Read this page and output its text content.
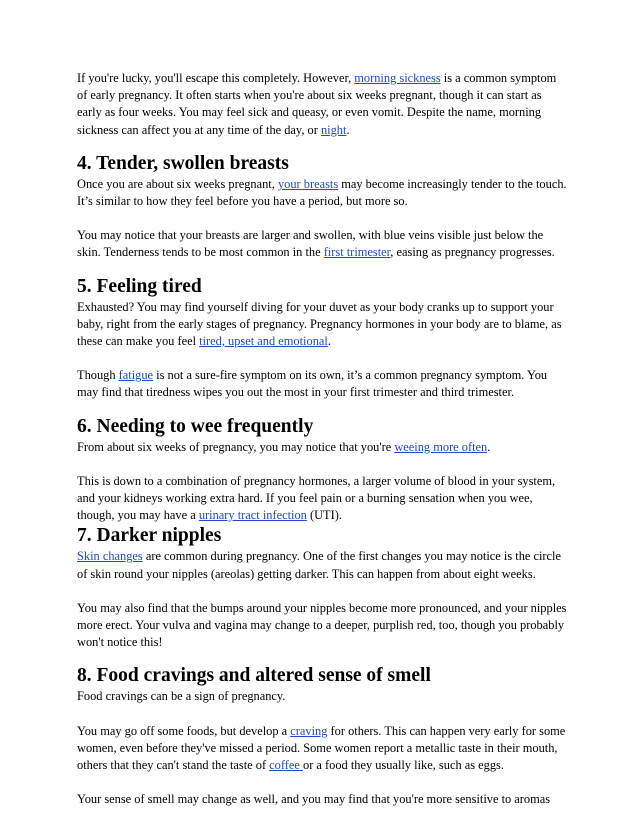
If you're lucky, you'll escape this completely. However, morning sickness is a common symptom of early pregnancy. It often starts when you're about six weeks pregnant, though it can start as early as four weeks. You may feel sick and queasy, or even vomit. Despite the name, morning sickness can affect you at any time of the day, or night.

4. Tender, swollen breasts

Once you are about six weeks pregnant, your breasts may become increasingly tender to the touch. It’s similar to how they feel before you have a period, but more so.

You may notice that your breasts are larger and swollen, with blue veins visible just below the skin. Tenderness tends to be most common in the first trimester, easing as pregnancy progresses.

5. Feeling tired

Exhausted? You may find yourself diving for your duvet as your body cranks up to support your baby, right from the early stages of pregnancy. Pregnancy hormones in your body are to blame, as these can make you feel tired, upset and emotional.

Though fatigue is not a sure-fire symptom on its own, it’s a common pregnancy symptom. You may find that tiredness wipes you out the most in your first trimester and third trimester.

6. Needing to wee frequently

From about six weeks of pregnancy, you may notice that you're weeing more often.

This is down to a combination of pregnancy hormones, a larger volume of blood in your system, and your kidneys working extra hard. If you feel pain or a burning sensation when you wee, though, you may have a urinary tract infection (UTI).

7. Darker nipples

Skin changes are common during pregnancy. One of the first changes you may notice is the circle of skin round your nipples (areolas) getting darker. This can happen from about eight weeks.

You may also find that the bumps around your nipples become more pronounced, and your nipples more erect. Your vulva and vagina may change to a deeper, purplish red, too, though you probably won't notice this!

8. Food cravings and altered sense of smell

Food cravings can be a sign of pregnancy.

You may go off some foods, but develop a craving for others. This can happen very early for some women, even before they've missed a period. Some women report a metallic taste in their mouth, others that they can't stand the taste of coffee or a food they usually like, such as eggs.

Your sense of smell may change as well, and you may find that you're more sensitive to aromas
